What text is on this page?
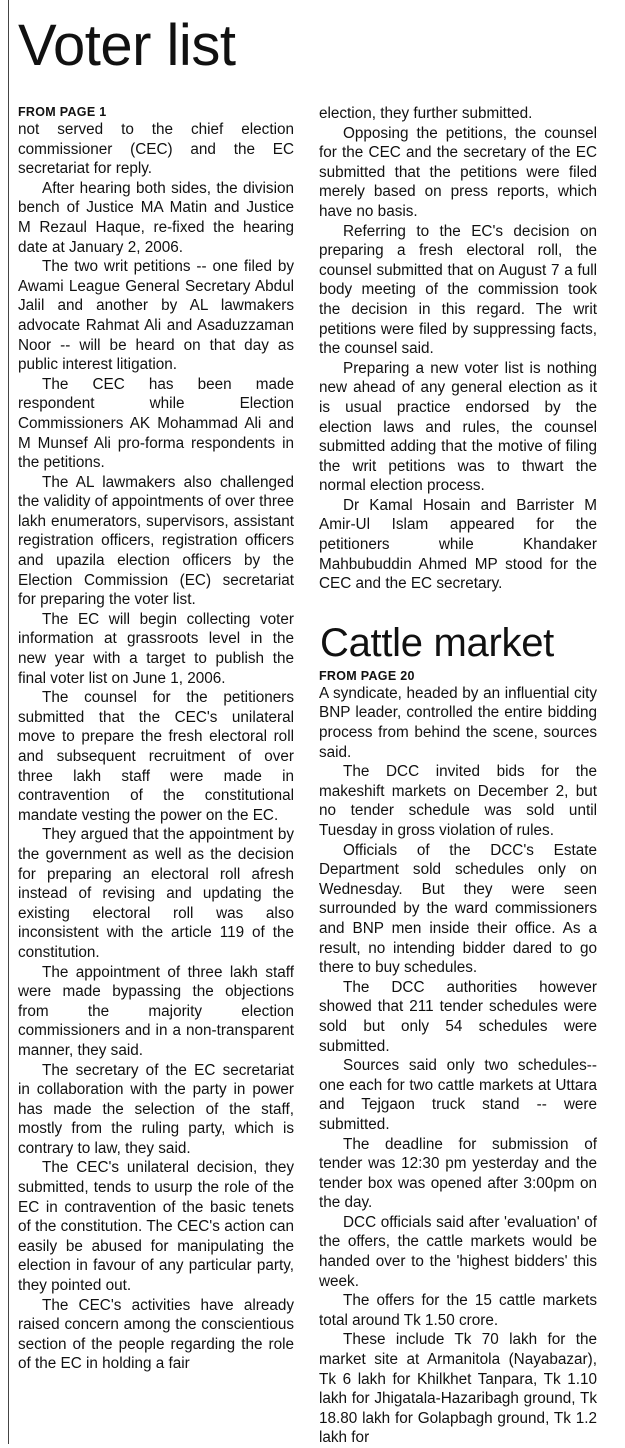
Voter list
FROM PAGE 1

not served to the chief election commissioner (CEC) and the EC secretariat for reply.

After hearing both sides, the division bench of Justice MA Matin and Justice M Rezaul Haque, re-fixed the hearing date at January 2, 2006.

The two writ petitions -- one filed by Awami League General Secretary Abdul Jalil and another by AL lawmakers advocate Rahmat Ali and Asaduzzaman Noor -- will be heard on that day as public interest litigation.

The CEC has been made respondent while Election Commissioners AK Mohammad Ali and M Munsef Ali pro-forma respondents in the petitions.

The AL lawmakers also challenged the validity of appointments of over three lakh enumerators, supervisors, assistant registration officers, registration officers and upazila election officers by the Election Commission (EC) secretariat for preparing the voter list.

The EC will begin collecting voter information at grassroots level in the new year with a target to publish the final voter list on June 1, 2006.

The counsel for the petitioners submitted that the CEC's unilateral move to prepare the fresh electoral roll and subsequent recruitment of over three lakh staff were made in contravention of the constitutional mandate vesting the power on the EC.

They argued that the appointment by the government as well as the decision for preparing an electoral roll afresh instead of revising and updating the existing electoral roll was also inconsistent with the article 119 of the constitution.

The appointment of three lakh staff were made bypassing the objections from the majority election commissioners and in a non-transparent manner, they said.

The secretary of the EC secretariat in collaboration with the party in power has made the selection of the staff, mostly from the ruling party, which is contrary to law, they said.

The CEC's unilateral decision, they submitted, tends to usurp the role of the EC in contravention of the basic tenets of the constitution. The CEC's action can easily be abused for manipulating the election in favour of any particular party, they pointed out.

The CEC's activities have already raised concern among the conscientious section of the people regarding the role of the EC in holding a fair

election, they further submitted.

Opposing the petitions, the counsel for the CEC and the secretary of the EC submitted that the petitions were filed merely based on press reports, which have no basis.

Referring to the EC's decision on preparing a fresh electoral roll, the counsel submitted that on August 7 a full body meeting of the commission took the decision in this regard. The writ petitions were filed by suppressing facts, the counsel said.

Preparing a new voter list is nothing new ahead of any general election as it is usual practice endorsed by the election laws and rules, the counsel submitted adding that the motive of filing the writ petitions was to thwart the normal election process.

Dr Kamal Hosain and Barrister M Amir-Ul Islam appeared for the petitioners while Khandaker Mahbubuddin Ahmed MP stood for the CEC and the EC secretary.

Cattle market
FROM PAGE 20

A syndicate, headed by an influential city BNP leader, controlled the entire bidding process from behind the scene, sources said.

The DCC invited bids for the makeshift markets on December 2, but no tender schedule was sold until Tuesday in gross violation of rules.

Officials of the DCC's Estate Department sold schedules only on Wednesday. But they were seen surrounded by the ward commissioners and BNP men inside their office. As a result, no intending bidder dared to go there to buy schedules.

The DCC authorities however showed that 211 tender schedules were sold but only 54 schedules were submitted.

Sources said only two schedules-- one each for two cattle markets at Uttara and Tejgaon truck stand -- were submitted.

The deadline for submission of tender was 12:30 pm yesterday and the tender box was opened after 3:00pm on the day.

DCC officials said after 'evaluation' of the offers, the cattle markets would be handed over to the 'highest bidders' this week.

The offers for the 15 cattle markets total around Tk 1.50 crore.

These include Tk 70 lakh for the market site at Armanitola (Nayabazar), Tk 6 lakh for Khilkhet Tanpara, Tk 1.10 lakh for Jhigatala-Hazaribagh ground, Tk 18.80 lakh for Golapbagh ground, Tk 1.2 lakh for
